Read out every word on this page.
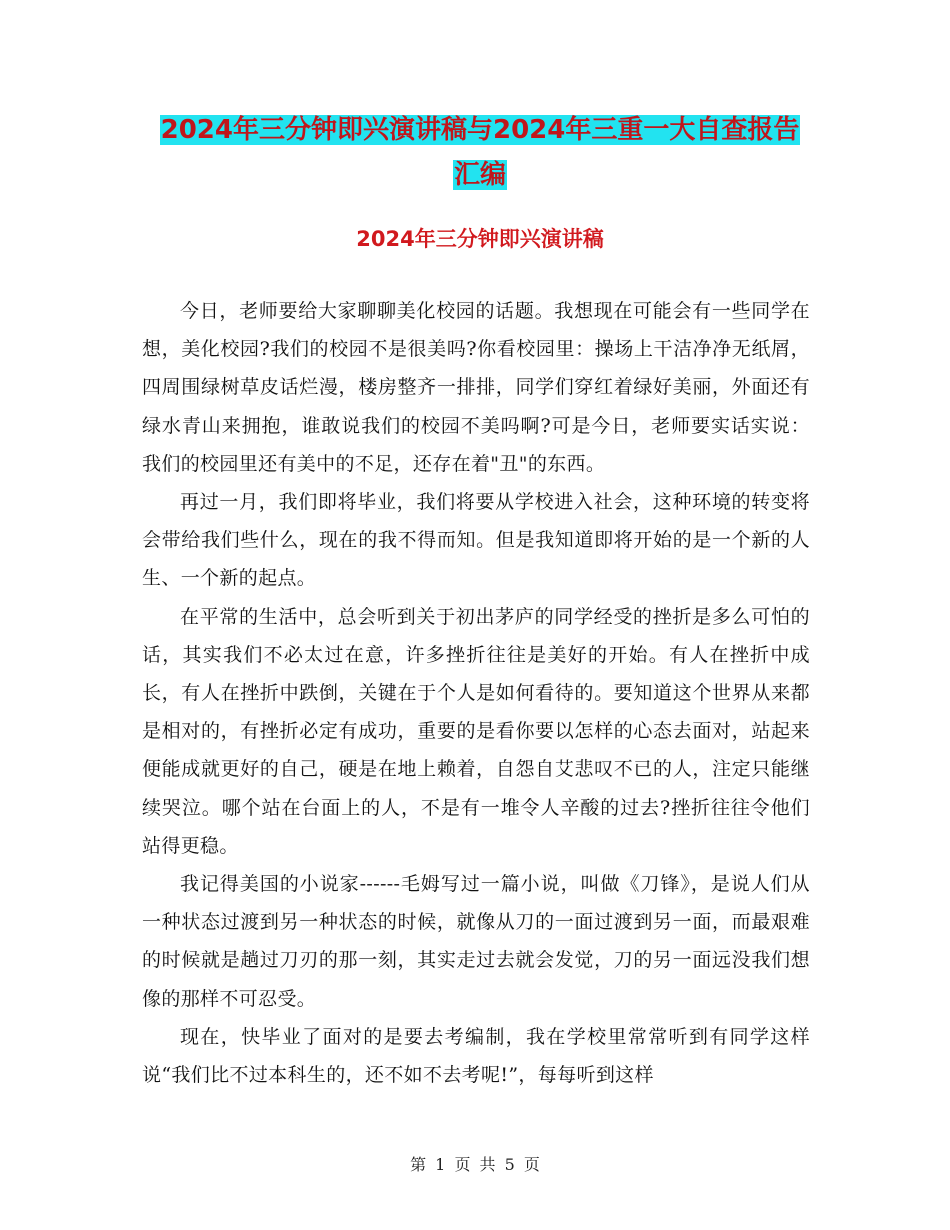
2024年三分钟即兴演讲稿与2024年三重一大自查报告
汇编
2024年三分钟即兴演讲稿

今日，老师要给大家聊聊美化校园的话题。我想现在可能会有一些同学在想，美化校园?我们的校园不是很美吗?你看校园里：操场上干洁净净无纸屑，四周围绿树草皮话烂漫，楼房整齐一排排，同学们穿红着绿好美丽，外面还有绿水青山来拥抱，谁敢说我们的校园不美吗啊?可是今日，老师要实话实说：我们的校园里还有美中的不足，还存在着"丑"的东西。

再过一月，我们即将毕业，我们将要从学校进入社会，这种环境的转变将会带给我们些什么，现在的我不得而知。但是我知道即将开始的是一个新的人生、一个新的起点。

在平常的生活中，总会听到关于初出茅庐的同学经受的挫折是多么可怕的话，其实我们不必太过在意，许多挫折往往是美好的开始。有人在挫折中成长，有人在挫折中跌倒，关键在于个人是如何看待的。要知道这个世界从来都是相对的，有挫折必定有成功，重要的是看你要以怎样的心态去面对，站起来便能成就更好的自己，硬是在地上赖着，自怨自艾悲叹不已的人，注定只能继续哭泣。哪个站在台面上的人，不是有一堆令人辛酸的过去?挫折往往令他们站得更稳。

我记得美国的小说家------毛姆写过一篇小说，叫做《刀锋》，是说人们从一种状态过渡到另一种状态的时候，就像从刀的一面过渡到另一面，而最艰难的时候就是趟过刀刃的那一刻，其实走过去就会发觉，刀的另一面远没我们想像的那样不可忍受。

现在，快毕业了面对的是要去考编制，我在学校里常常听到有同学这样说“我们比不过本科生的，还不如不去考呢!”，每每听到这样

第 1 页 共 5 页
